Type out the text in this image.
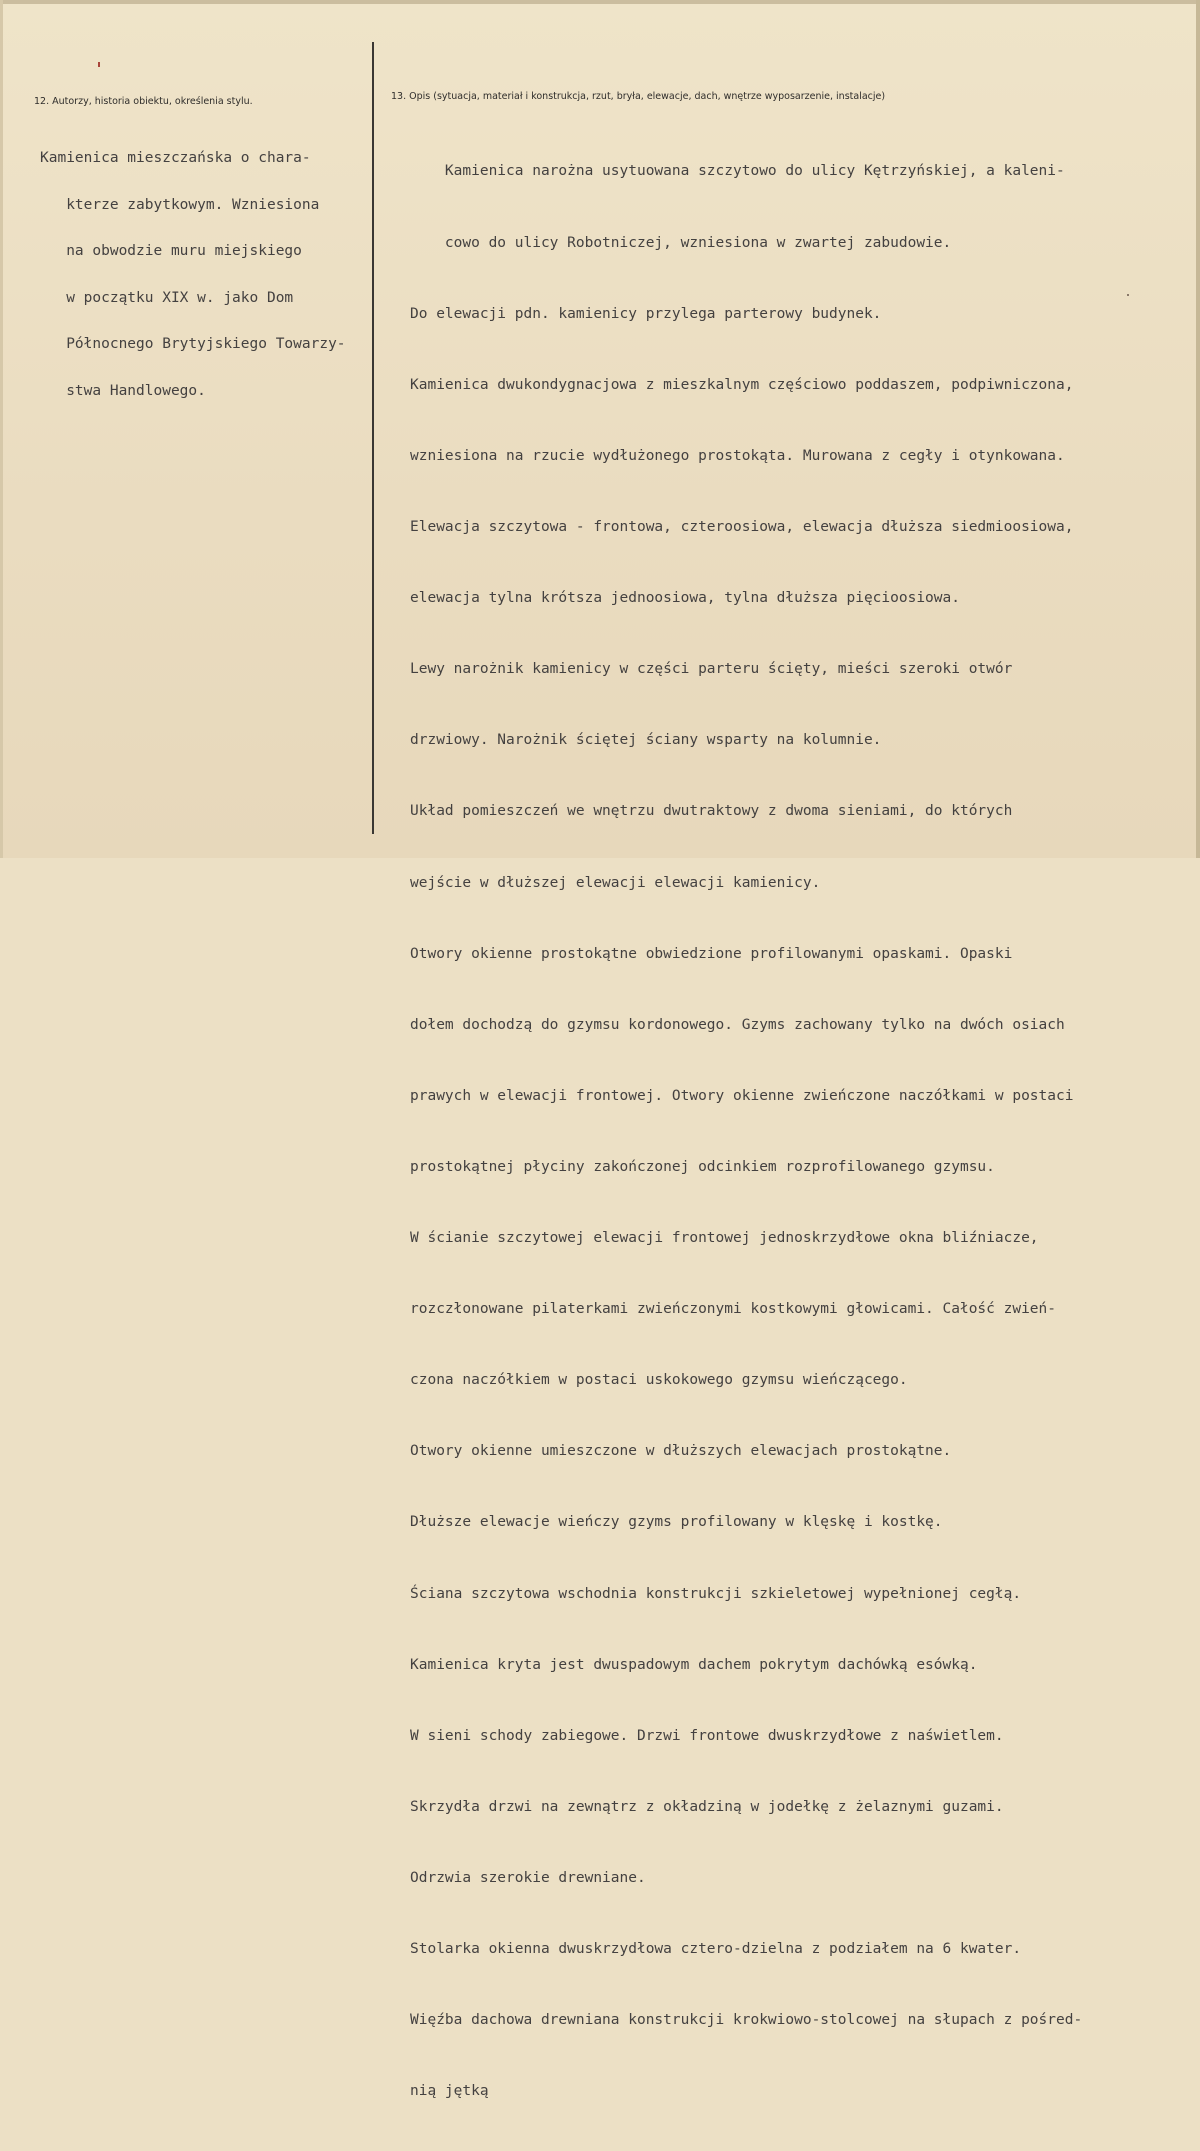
12. Autorzy, historia obiektu, określenia stylu.	13. Opis (sytuacja, materiał i konstrukcja, rzut, bryła, elewacje, dach, wnętrze wyposarzenie, instalacje)

Kamienica mieszczańska o chara-

kterze zabytkowym. Wzniesiona

na obwodzie muru miejskiego

w początku XIX w. jako Dom

Północnego Brytyjskiego Towarzy-

stwa Handlowego.

Kamienica narożna usytuowana szczytowo do ulicy Kętrzyńskiej, a kaleni-

cowo do ulicy Robotniczej, wzniesiona w zwartej zabudowie.

Do elewacji pdn. kamienicy przylega parterowy budynek.

Kamienica dwukondygnacjowa z mieszkalnym częściowo poddaszem, podpiwniczona,

wzniesiona na rzucie wydłużonego prostokąta. Murowana z cegły i otynkowana.

Elewacja szczytowa - frontowa, czteroosiowa, elewacja dłuższa siedmioosiowa,

elewacja tylna krótsza jednoosiowa, tylna dłuższa pięcioosiowa.

Lewy narożnik kamienicy w części parteru ścięty, mieści szeroki otwór

drzwiowy. Narożnik ściętej ściany wsparty na kolumnie.

Układ pomieszczeń we wnętrzu dwutraktowy z dwoma sieniami, do których

wejście w dłuższej elewacji elewacji kamienicy.

Otwory okienne prostokątne obwiedzione profilowanymi opaskami. Opaski

dołem dochodzą do gzymsu kordonowego. Gzyms zachowany tylko na dwóch osiach

prawych w elewacji frontowej. Otwory okienne zwieńczone naczółkami w postaci

prostokątnej płyciny zakończonej odcinkiem rozprofilowanego gzymsu.

W ścianie szczytowej elewacji frontowej jednoskrzydłowe okna bliźniacze,

rozczłonowane pilaterkami zwieńczonymi kostkowymi głowicami. Całość zwień-

czona naczółkiem w postaci uskokowego gzymsu wieńczącego.

Otwory okienne umieszczone w dłuższych elewacjach prostokątne.

Dłuższe elewacje wieńczy gzyms profilowany w klęskę i kostkę.

Ściana szczytowa wschodnia konstrukcji szkieletowej wypełnionej cegłą.

Kamienica kryta jest dwuspadowym dachem pokrytym dachówką esówką.

W sieni schody zabiegowe. Drzwi frontowe dwuskrzydłowe z naświetlem.

Skrzydła drzwi na zewnątrz z okładziną w jodełkę z żelaznymi guzami.

Odrzwia szerokie drewniane.

Stolarka okienna dwuskrzydłowa cztero-dzielna z podziałem na 6 kwater.

Więźba dachowa drewniana konstrukcji krokwiowo-stolcowej na słupach z pośred-

nią jętką
